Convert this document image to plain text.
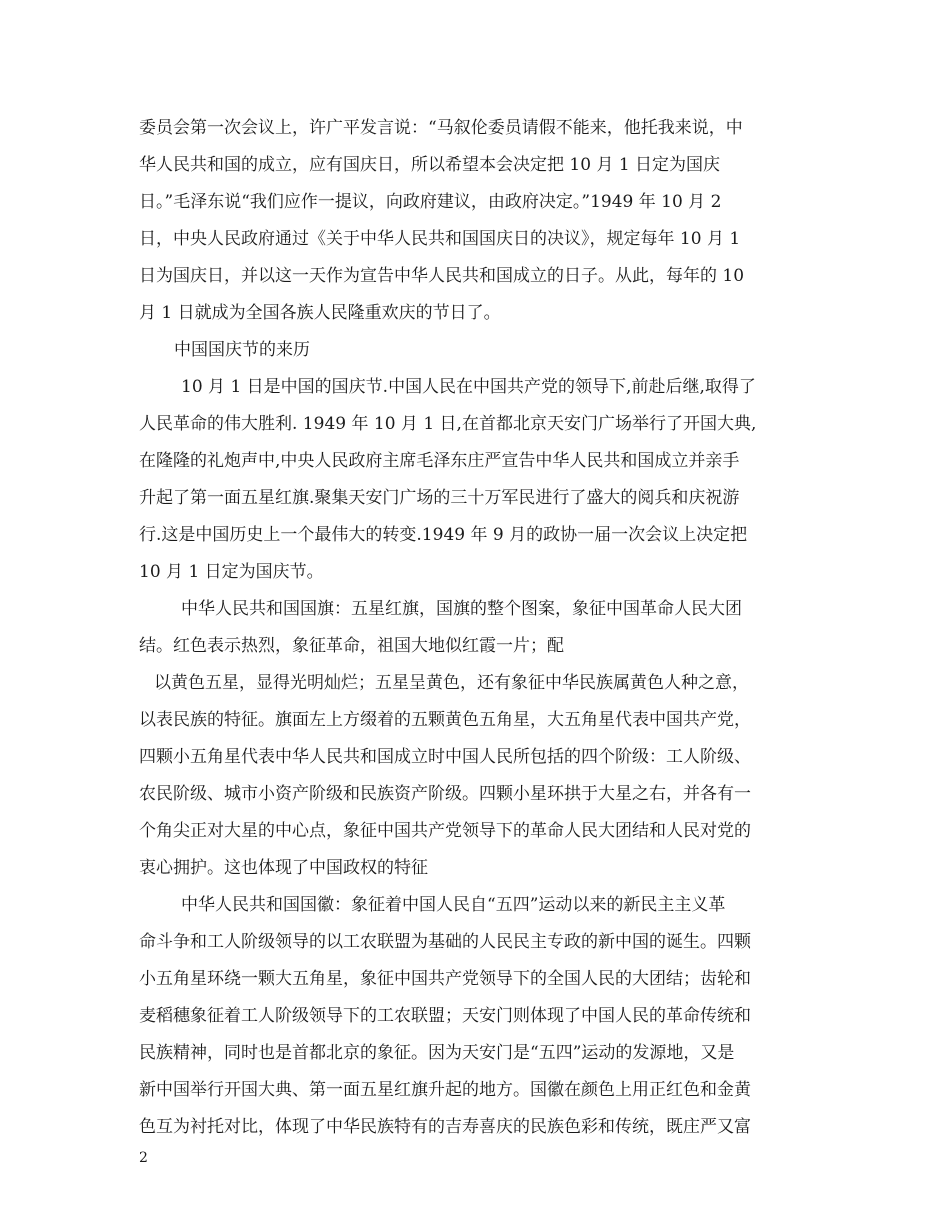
委员会第一次会议上，许广平发言说：“马叙伦委员请假不能来，他托我来说，中
华人民共和国的成立，应有国庆日，所以希望本会决定把 10 月 1 日定为国庆
日。”毛泽东说“我们应作一提议，向政府建议，由政府决定。”1949 年 10 月 2
日，中央人民政府通过《关于中华人民共和国国庆日的决议》，规定每年 10 月 1
日为国庆日，并以这一天作为宣告中华人民共和国成立的日子。从此，每年的 10
月 1 日就成为全国各族人民隆重欢庆的节日了。
中国国庆节的来历
10 月 1 日是中国的国庆节.中国人民在中国共产党的领导下,前赴后继,取得了
人民革命的伟大胜利. 1949 年 10 月 1 日,在首都北京天安门广场举行了开国大典,
在隆隆的礼炮声中,中央人民政府主席毛泽东庄严宣告中华人民共和国成立并亲手
升起了第一面五星红旗.聚集天安门广场的三十万军民进行了盛大的阅兵和庆祝游
行.这是中国历史上一个最伟大的转变.1949 年 9 月的政协一届一次会议上决定把
10 月 1 日定为国庆节。
中华人民共和国国旗：五星红旗，国旗的整个图案，象征中国革命人民大团
结。红色表示热烈，象征革命，祖国大地似红霞一片；配
以黄色五星，显得光明灿烂；五星呈黄色，还有象征中华民族属黄色人种之意，
以表民族的特征。旗面左上方缀着的五颗黄色五角星，大五角星代表中国共产党，
四颗小五角星代表中华人民共和国成立时中国人民所包括的四个阶级：工人阶级、
农民阶级、城市小资产阶级和民族资产阶级。四颗小星环拱于大星之右，并各有一
个角尖正对大星的中心点，象征中国共产党领导下的革命人民大团结和人民对党的
衷心拥护。这也体现了中国政权的特征
中华人民共和国国徽：象征着中国人民自“五四”运动以来的新民主主义革
命斗争和工人阶级领导的以工农联盟为基础的人民民主专政的新中国的诞生。四颗
小五角星环绕一颗大五角星，象征中国共产党领导下的全国人民的大团结；齿轮和
麦稻穗象征着工人阶级领导下的工农联盟；天安门则体现了中国人民的革命传统和
民族精神，同时也是首都北京的象征。因为天安门是“五四”运动的发源地，又是
新中国举行开国大典、第一面五星红旗升起的地方。国徽在颜色上用正红色和金黄
色互为衬托对比，体现了中华民族特有的吉寿喜庆的民族色彩和传统，既庄严又富
2
